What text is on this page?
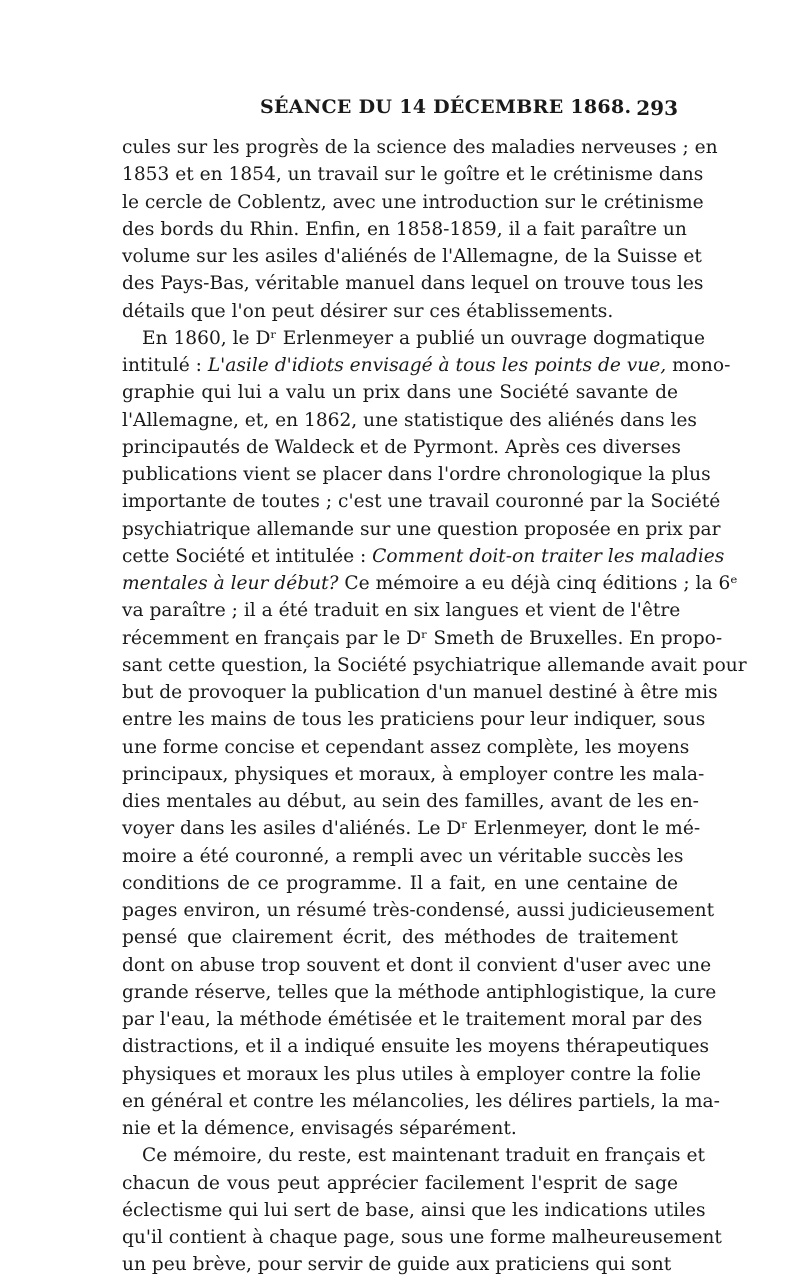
SÉANCE DU 14 DÉCEMBRE 1868. 293
cules sur les progrès de la science des maladies nerveuses ; en
1853 et en 1854, un travail sur le goître et le crétinisme dans
le cercle de Coblentz, avec une introduction sur le crétinisme
des bords du Rhin. Enfin, en 1858-1859, il a fait paraître un
volume sur les asiles d'aliénés de l'Allemagne, de la Suisse et
des Pays-Bas, véritable manuel dans lequel on trouve tous les
détails que l'on peut désirer sur ces établissements.
En 1860, le Dʳ Erlenmeyer a publié un ouvrage dogmatique
intitulé : L'asile d'idiots envisagé à tous les points de vue, mono-
graphie qui lui a valu un prix dans une Société savante de
l'Allemagne, et, en 1862, une statistique des aliénés dans les
principautés de Waldeck et de Pyrmont. Après ces diverses
publications vient se placer dans l'ordre chronologique la plus
importante de toutes ; c'est une travail couronné par la Société
psychiatrique allemande sur une question proposée en prix par
cette Société et intitulée : Comment doit-on traiter les maladies
mentales à leur début? Ce mémoire a eu déjà cinq éditions ; la 6ᵉ
va paraître ; il a été traduit en six langues et vient de l'être
récemment en français par le Dʳ Smeth de Bruxelles. En propo-
sant cette question, la Société psychiatrique allemande avait pour
but de provoquer la publication d'un manuel destiné à être mis
entre les mains de tous les praticiens pour leur indiquer, sous
une forme concise et cependant assez complète, les moyens
principaux, physiques et moraux, à employer contre les mala-
dies mentales au début, au sein des familles, avant de les en-
voyer dans les asiles d'aliénés. Le Dʳ Erlenmeyer, dont le mé-
moire a été couronné, a rempli avec un véritable succès les
conditions de ce programme. Il a fait, en une centaine de
pages environ, un résumé très-condensé, aussi judicieusement
pensé que clairement écrit, des méthodes de traitement
dont on abuse trop souvent et dont il convient d'user avec une
grande réserve, telles que la méthode antiphlogistique, la cure
par l'eau, la méthode émétisée et le traitement moral par des
distractions, et il a indiqué ensuite les moyens thérapeutiques
physiques et moraux les plus utiles à employer contre la folie
en général et contre les mélancolies, les délires partiels, la ma-
nie et la démence, envisagés séparément.
Ce mémoire, du reste, est maintenant traduit en français et
chacun de vous peut apprécier facilement l'esprit de sage
éclectisme qui lui sert de base, ainsi que les indications utiles
qu'il contient à chaque page, sous une forme malheureusement
un peu brève, pour servir de guide aux praticiens qui sont
